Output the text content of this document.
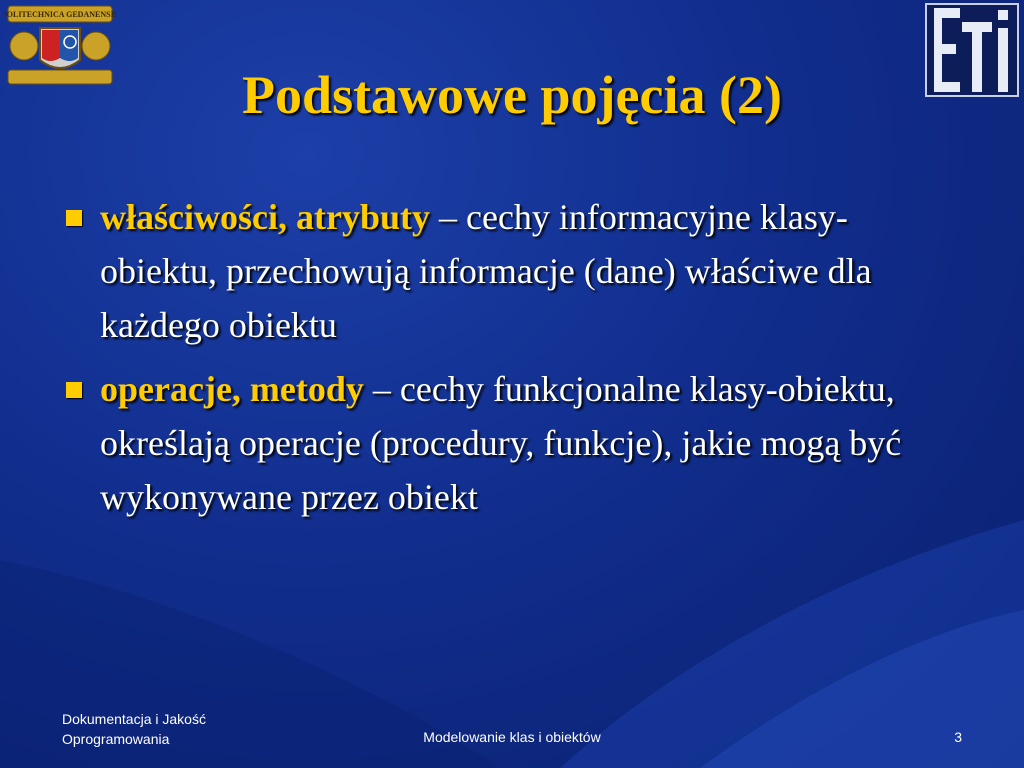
POLITECHNICA GEDANENSIS
Podstawowe pojęcia (2)
właściwości, atrybuty – cechy informacyjne klasy-obiektu, przechowują informacje (dane) właściwe dla każdego obiektu
operacje, metody – cechy funkcjonalne klasy-obiektu, określają operacje (procedury, funkcje), jakie mogą być wykonywane przez obiekt
Dokumentacja i Jakość
Oprogramowania	Modelowanie klas i obiektów	3
